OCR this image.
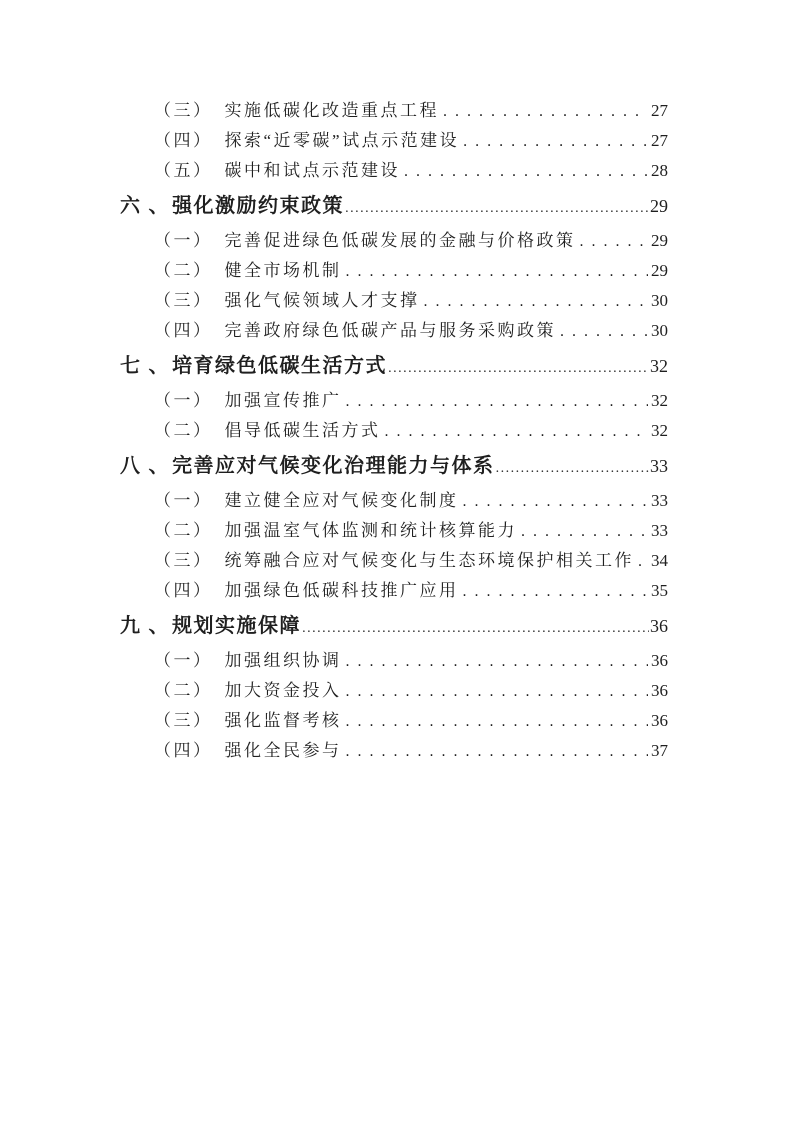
（三） 实施低碳化改造重点工程 . . .	27
（四） 探索“近零碳”试点示范建设 . . .	27
（五） 碳中和试点示范建设 . . .	28
六 、 强化激励约束政策 .....	29
（一） 完善促进绿色低碳发展的金融与价格政策 . . .	29
（二） 健全市场机制 . . .	29
（三） 强化气候领域人才支撑 . . .	30
（四） 完善政府绿色低碳产品与服务采购政策 . . .	30
七 、 培育绿色低碳生活方式 .....	32
（一） 加强宣传推广 . . .	32
（二） 倡导低碳生活方式 . . .	32
八 、 完善应对气候变化治理能力与体系 .....	33
（一） 建立健全应对气候变化制度 . . .	33
（二） 加强温室气体监测和统计核算能力 . . .	33
（三） 统筹融合应对气候变化与生态环境保护相关工作 . . . 34
（四） 加强绿色低碳科技推广应用 . . .	35
九 、 规划实施保障 .....	36
（一） 加强组织协调 . . .	36
（二） 加大资金投入 . . .	36
（三） 强化监督考核 . . .	36
（四） 强化全民参与 . . .	37
